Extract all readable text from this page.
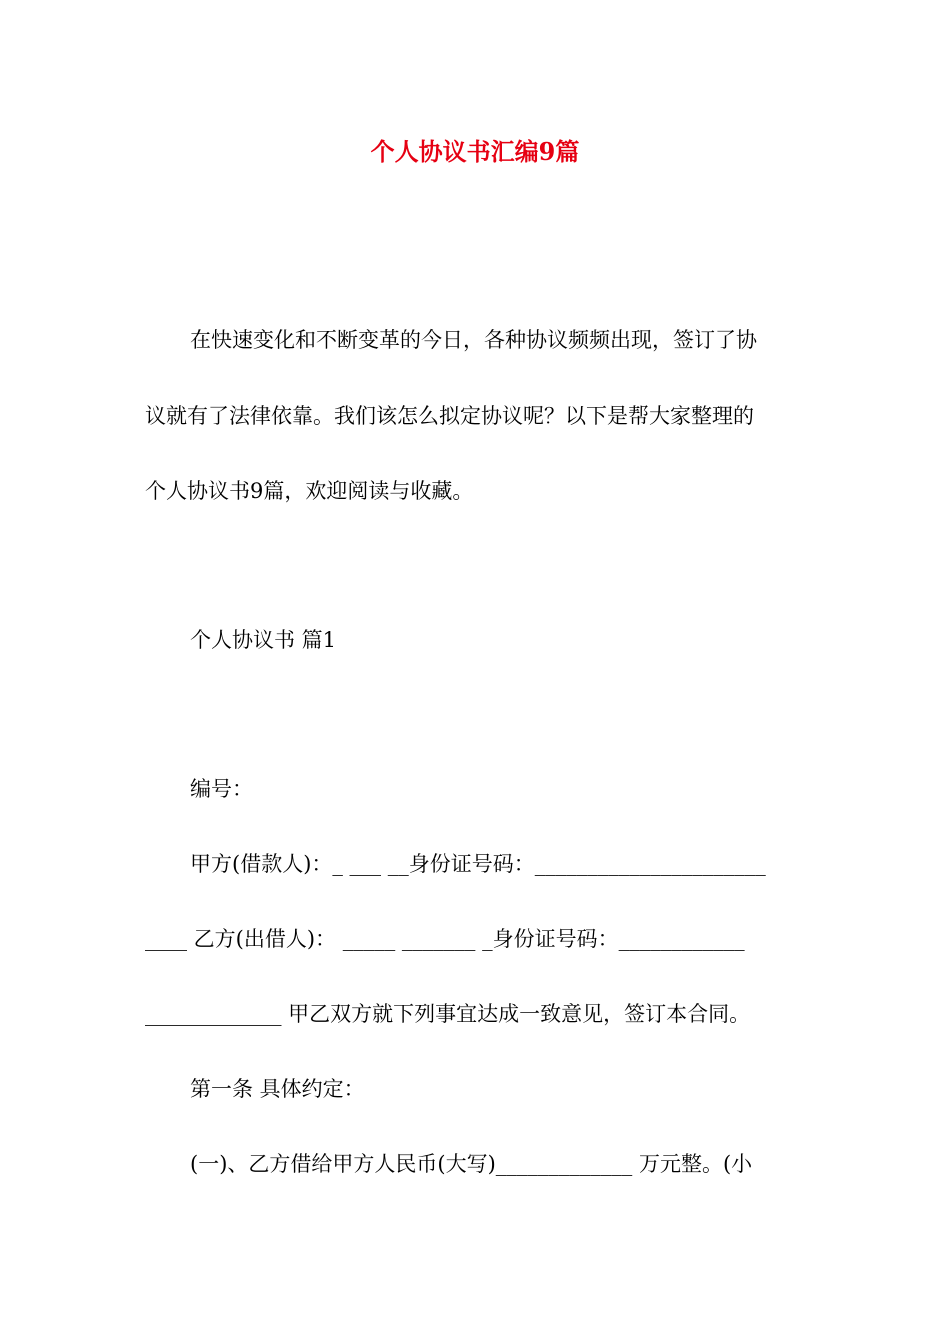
个人协议书汇编9篇
在快速变化和不断变革的今日，各种协议频频出现，签订了协
议就有了法律依靠。我们该怎么拟定协议呢？以下是帮大家整理的
个人协议书9篇，欢迎阅读与收藏。
个人协议书 篇1
编号：
甲方(借款人)：_ ___ __身份证号码：______________________
____ 乙方(出借人)： _____ _______ _身份证号码：____________
_____________ 甲乙双方就下列事宜达成一致意见，签订本合同。
第一条 具体约定：
(一)、乙方借给甲方人民币(大写)_____________ 万元整。(小
